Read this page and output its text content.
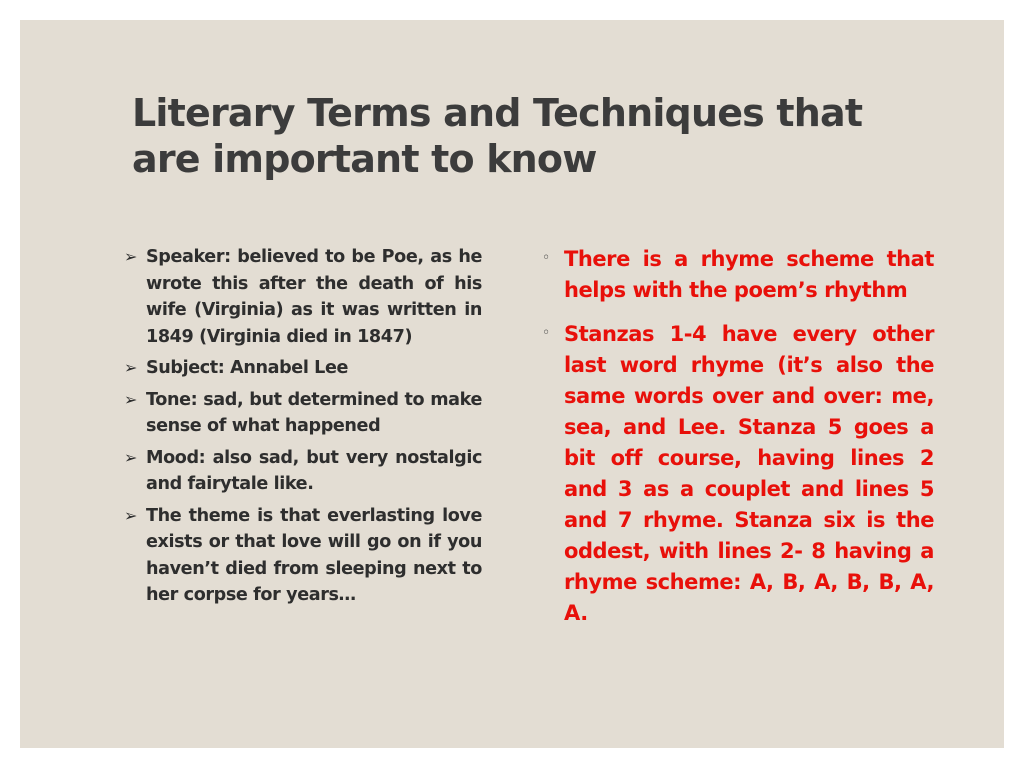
Literary Terms and Techniques that are important to know
➢ Speaker: believed to be Poe, as he wrote this after the death of his wife (Virginia) as it was written in 1849 (Virginia died in 1847)
➢ Subject: Annabel Lee
➢ Tone: sad, but determined to make sense of what happened
➢ Mood: also sad, but very nostalgic and fairytale like.
➢ The theme is that everlasting love exists or that love will go on if you haven’t died from sleeping next to her corpse for years…
◦ There is a rhyme scheme that helps with the poem’s rhythm
◦ Stanzas 1-4 have every other last word rhyme (it’s also the same words over and over: me, sea, and Lee. Stanza 5 goes a bit off course, having lines 2 and 3 as a couplet and lines 5 and 7 rhyme. Stanza six is the oddest, with lines 2- 8 having a rhyme scheme: A, B, A, B, B, A, A.
